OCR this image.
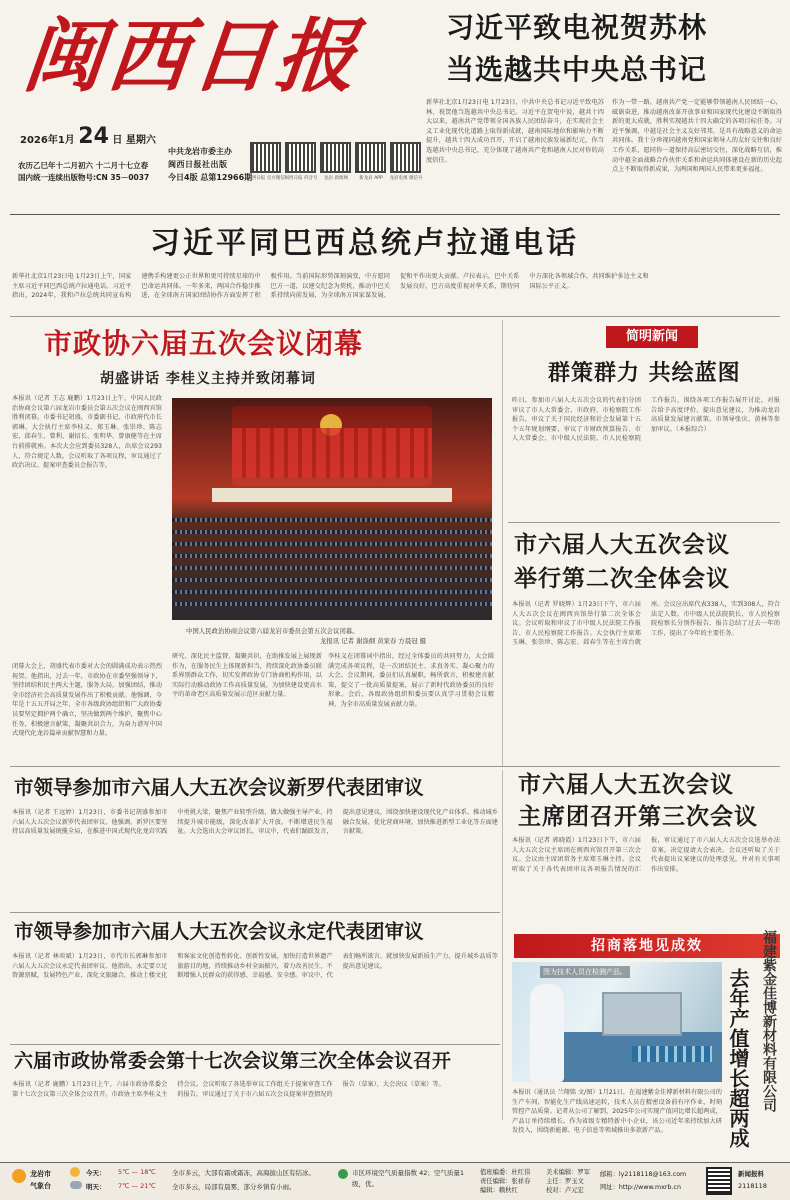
闽西日报
2026年1月 24 日 星期六
农历乙巳年十二月初六 十二月十七立春
国内统一连续出版物号:CN 35－0037
中共龙岩市委主办
闽西日报社出版
今日4版 总第12966期
闽西日报 官方微信 闽西日报 抖音号	龙岩 新闻网	新龙岩 APP	龙岩电视 微信号
习近平致电祝贺苏林
当选越共中央总书记
新华社北京1月23日电 1月23日，中共中央总书记习近平致电苏林，祝贺他当选越共中央总书记。习近平在贺电中说，越共十四大以来，越南共产党带领全国各族人民团结奋斗，在实现社会主义工业化现代化道路上取得新成就，越南国际地位和影响力不断提升，越共十四大成功召开，开启了越南民族发展新纪元，你当选越共中央总书记，充分体现了越南共产党和越南人民对你的高度信任。
作为一带一路，越南共产党一定能够带领越南人民团结一心，砥砺奋进，推动越南改革开放事业和国家现代化建设不断取得新的更大成就，胜利实现越共十四大确定的各项目标任务。习近平强调，中越是社会主义友好邻邦，是具有战略意义的命运共同体。我十分珍视同越南党和国家领导人的友好交往和良好工作关系，愿同你一道保持高层密切交往，深化战略互信，推动中越全面战略合作伙伴关系和命运共同体建设在新的历史起点上不断取得新成果，为两国和两国人民带来更多福祉。
习近平同巴西总统卢拉通电话
新华社北京1月23日电 1月23日上午，国家主席习近平同巴西总统卢拉通电话。习近平指出，2024年，我和卢拉总统共同宣布构建携手构建更公正世界和更可持续星球的中巴命运共同体。一年多来，两国合作稳步推进，在全球南方国家团结协作方面发挥了积极作用。当前国际形势深刻演变，中方愿同巴方一道，以建交纪念为契机，推动中巴关系持续向前发展，为全球南方国家谋发展、促和平作出更大贡献。卢拉表示，巴中关系发展良好，巴方高度重视对华关系，期待同中方深化各领域合作，共同维护多边主义和国际公平正义。
市政协六届五次会议闭幕
胡盛讲话 李桂义主持并致闭幕词
本报讯（记者 王志 鹿鹏）1月23日上午，中国人民政治协商会议第六届龙岩市委员会第五次会议在闽西宾馆胜利闭幕。市委书记胡盛，市委副书记、市政府代市长郭琳，大会执行主席李桂义、郑玉琳、张崇珍、陈志宏、邱春生、曾利、谢招长、张明华、曾康健等在主席台前排就座。本次大会应到委员328人，出席会议293人，符合规定人数。会议听取了各项议程，审议通过了政治决议、提案审查委员会报告等。
闭幕大会上，胡盛代表市委对大会的圆满成功表示热烈祝贺。他指出，过去一年，市政协在市委坚强领导下，坚持团结和民主两大主题，服务大局，加强团结，推动全市经济社会高质量发展作出了积极贡献。他强调，今年是十五五开局之年，全市各级政协组织和广大政协委员要坚定拥护两个确立，坚决做到两个维护，聚焦中心任务，积极建言献策，凝聚共识合力，为奋力谱写中国式现代化龙岩篇章贡献智慧和力量。
中国人民政治协商会议第六届龙岩市委员会第五次会议闭幕。
龙报讯 记者 谢涤纲 黄家春 方晨冠 摄
研究、深化民主监督、凝聚共识，在助推发展上展现新作为，在服务民生上体现新担当，持续深化政协委员联系界别群众工作，切实发挥政协专门协商机构作用，以实际行动推动政协工作高质量发展，为加快建设更高水平的革命老区高质量发展示范区贡献力量。
李桂义在闭幕词中指出，经过全体委员的共同努力，大会圆满完成各项议程，是一次团结民主、求真务实、凝心聚力的大会。会议期间，委员们认真履职，畅所欲言，积极建言献策，提交了一批高质量提案，展示了新时代政协委员的良好形象。会后，各级政协组织和委员要认真学习贯彻会议精神，为全市高质量发展贡献力量。
简明新闻
群策群力 共绘蓝图
昨日，参加市六届人大五次会议的代表们分团审议了市人大常委会、市政府、市检察院工作报告，审议了关于国民经济和社会发展第十五个五年规划纲要，审议了市财政预算报告、市人大常委会、市中级人民法院、市人民检察院工作报告，围绕各项工作报告展开讨论，对报告给予高度评价，提出意见建议，为推动龙岩高质量发展建言献策。市领导张庆、黄林等参加审议。（本报综合）
市六届人大五次会议
举行第二次全体会议
本报讯（记者 罗晓辉）1月23日下午，市六届人大五次会议在闽西宾馆举行第二次全体会议。会议听取和审议了市中级人民法院工作报告、市人民检察院工作报告。大会执行主席郑玉琳、张崇珍、陈志宏、邱春生等在主席台就座。会议应出席代表338人，实到308人，符合法定人数。市中级人民法院院长、市人民检察院检察长分别作报告，报告总结了过去一年的工作，提出了今年的主要任务。
市领导参加市六届人大五次会议新罗代表团审议
本报讯（记者 王远婷）1月23日，市委书记胡盛参加市六届人大五次会议新罗代表团审议。他强调，新罗区要坚持以高质量发展统揽全局，在推进中国式现代化龙岩实践中勇挑大梁，聚焦产业转型升级，做大做强主导产业，持续提升城市能级，深化改革扩大开放，不断增进民生福祉。大会选出大会审议团长，审议中，代表们踊跃发言，提出意见建议，围绕加快建设现代化产业体系、推动城乡融合发展、优化营商环境、加快推进新型工业化等方面建言献策。
市六届人大五次会议
主席团召开第三次会议
本报讯（记者 郭晓霞）1月23日下午，市六届人大五次会议主席团在闽西宾馆召开第三次会议。会议由主席团常务主席郑玉琳主持。会议听取了关于各代表团审议各项报告情况的汇报，审议通过了市六届人大五次会议选举办法草案，决定提请大会表决。会议还听取了关于代表提出议案建议的处理意见，并对有关事项作出安排。
市领导参加市六届人大五次会议永定代表团审议
本报讯（记者 林奕斌）1月23日，市代市长郭琳参加市六届人大五次会议永定代表团审议。他指出，永定要立足资源禀赋，发展特色产业，深化文旅融合，推动土楼文化和客家文化创造性转化、创新性发展，加快打造世界遗产旅游目的地，持续推动乡村全面振兴，着力改善民生，不断增强人民群众的获得感、幸福感、安全感。审议中，代表们畅所欲言，就加快发展新质生产力、提升城乡品质等提出意见建议。
六届市政协常委会第十七次会议第三次全体会议召开
本报讯（记者 鹿鹏）1月23日上午，六届市政协常委会第十七次会议第三次全体会议召开。市政协主席李桂义主持会议。会议听取了各选举审议工作组关于提案审查工作的报告，审议通过了关于市六届五次会议提案审查情况的报告（草案）、大会决议（草案）等。
招商落地见成效
图为技术人员在检测产品。	去年产值增长超两成 福建紫金佳博新材料有限公司
本报讯（通讯员 兰翔铭 文/图）1月21日，在福建紫金佳博新材料有限公司的生产车间，智能化生产线高速运转，技术人员在精密设备前有序作业，时刻管控产品质量。记者从公司了解到，2025年公司实现产值同比增长超两成，产品订单持续增长。作为省级专精特新中小企业，该公司近年来持续加大研发投入，围绕新能源、电子信息等领域推出多款新产品。
龙岩市
气象台
今天： 5℃ — 18℃	全市多云，大部有霜或霜冻，高海拔山区有结冰。
明天： 7℃ — 21℃	全市多云，局部有晨雾，部分乡镇有小雨。
市区环境空气质量指数 42；空气质量1级，优。
值班编委：杜红伟
责任编辑：张祥春
编辑：赖秋红
美术编辑：罗军
主任：罗玉文
校对：卢元宏
邮箱：ly2118118@163.com
网址：http://www.mxrb.cn
新闻报料
2118118
